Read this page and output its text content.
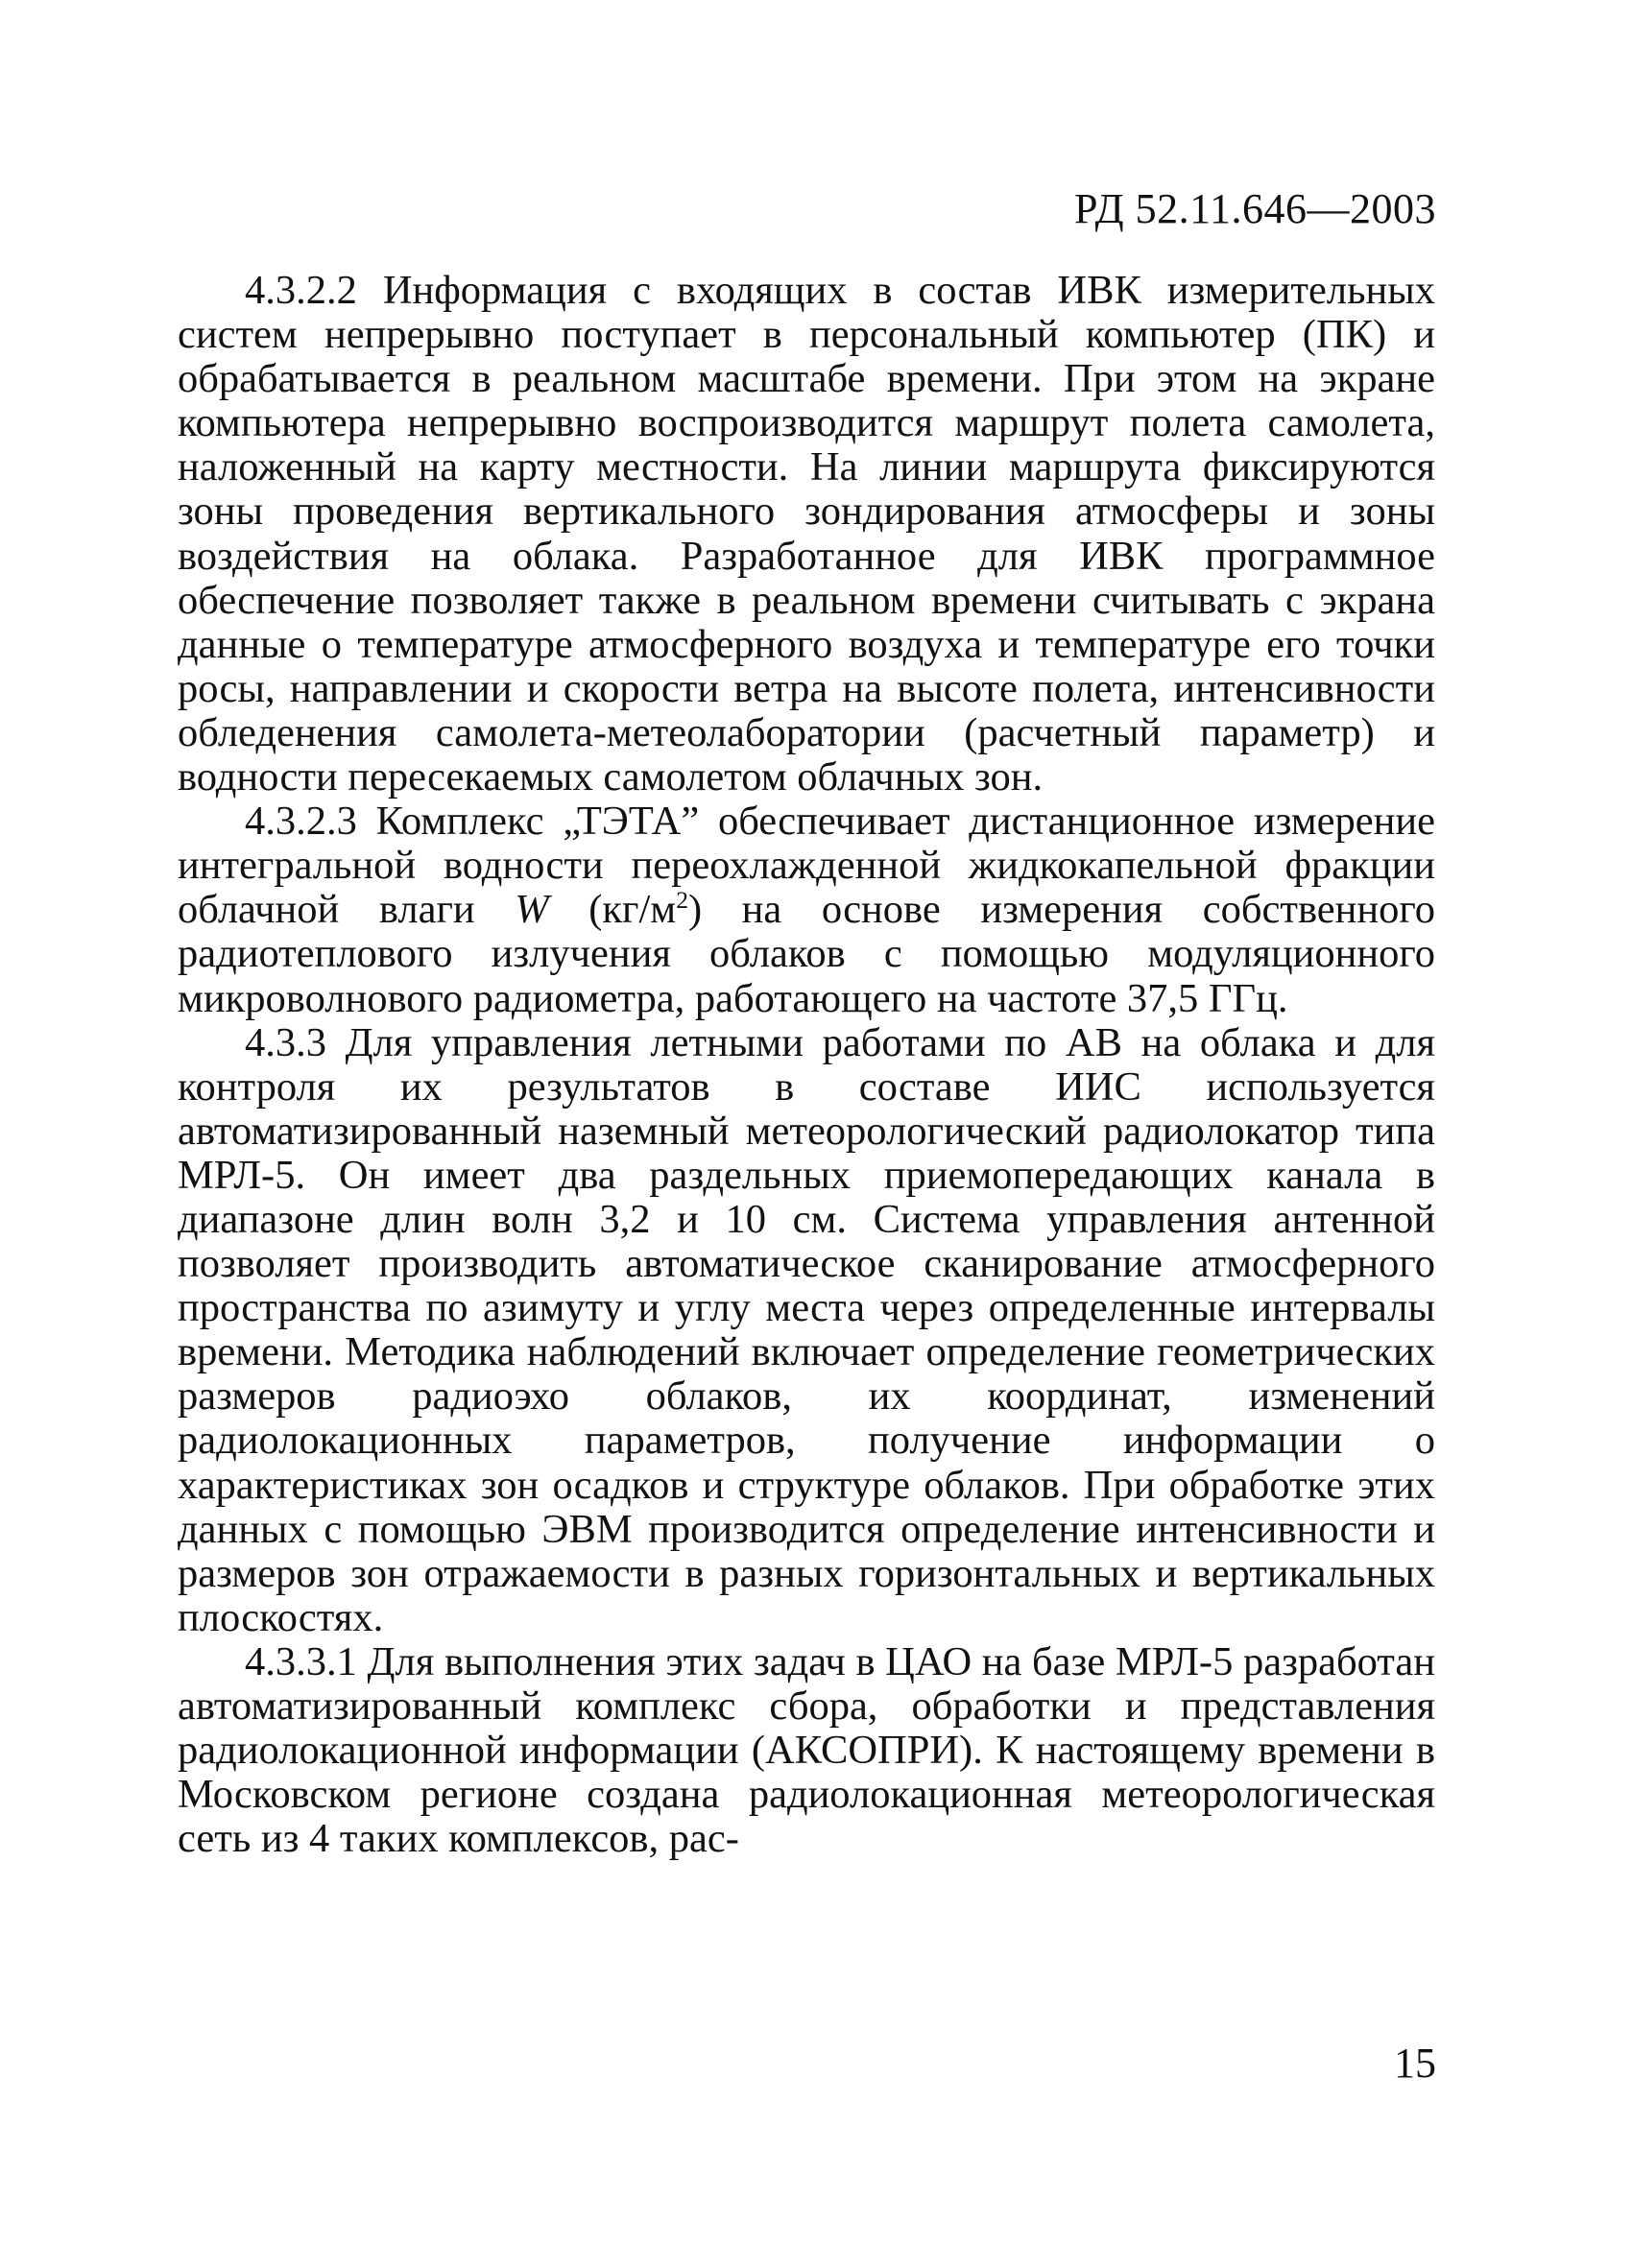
РД 52.11.646—2003

4.3.2.2 Информация с входящих в состав ИВК измерительных систем непрерывно поступает в персональный компьютер (ПК) и обрабатывается в реальном масштабе времени. При этом на экране компьютера непрерывно воспроизводится маршрут полета самолета, наложенный на карту местности. На линии маршрута фиксируются зоны проведения вертикального зондирования атмосферы и зоны воздействия на облака. Разработанное для ИВК программное обеспечение позволяет также в реальном времени считывать с экрана данные о температуре атмосферного воздуха и температуре его точки росы, направлении и скорости ветра на высоте полета, интенсивности обледенения самолета-метеолаборатории (расчетный параметр) и водности пересекаемых самолетом облачных зон.

4.3.2.3 Комплекс „ТЭТА” обеспечивает дистанционное измерение интегральной водности переохлажденной жидкокапельной фракции облачной влаги W $(кг/м^2)$ на основе измерения собственного радиотеплового излучения облаков с помощью модуляционного микроволнового радиометра, работающего на частоте 37,5 ГГц.

4.3.3 Для управления летными работами по АВ на облака и для контроля их результатов в составе ИИС используется автоматизированный наземный метеорологический радиолокатор типа МРЛ-5. Он имеет два раздельных приемопередающих канала в диапазоне длин волн 3,2 и 10 см. Система управления антенной позволяет производить автоматическое сканирование атмосферного пространства по азимуту и углу места через определенные интервалы времени. Методика наблюдений включает определение геометрических размеров радиоэхо облаков, их координат, изменений радиолокационных параметров, получение информации о характеристиках зон осадков и структуре облаков. При обработке этих данных с помощью ЭВМ производится определение интенсивности и размеров зон отражаемости в разных горизонтальных и вертикальных плоскостях.

4.3.3.1 Для выполнения этих задач в ЦАО на базе МРЛ-5 разработан автоматизированный комплекс сбора, обработки и представления радиолокационной информации (АКСОПРИ). К настоящему времени в Московском регионе создана радиолокационная метеорологическая сеть из 4 таких комплексов, рас-

15
